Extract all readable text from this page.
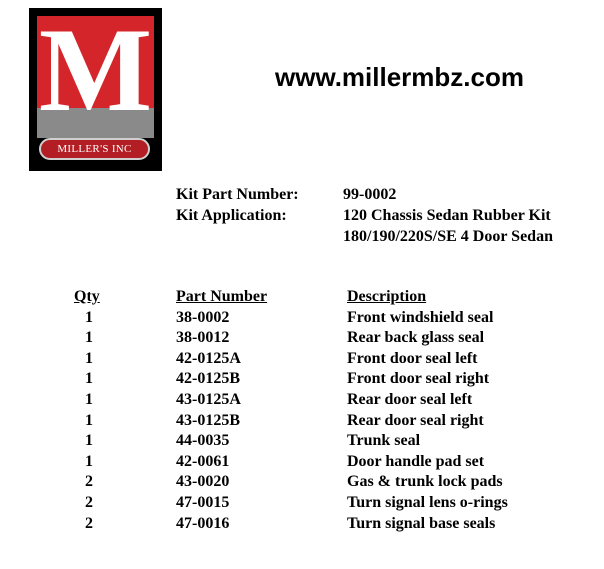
M
MILLER'S INC
www.millermbz.com
Kit Part Number:	99-0002
Kit Application:	120 Chassis Sedan Rubber Kit
180/190/220S/SE 4 Door Sedan
Qty	Part Number	Description
1	38-0002	Front windshield seal
1	38-0012	Rear back glass seal
1	42-0125A	Front door seal left
1	42-0125B	Front door seal right
1	43-0125A	Rear door seal left
1	43-0125B	Rear door seal right
1	44-0035	Trunk seal
1	42-0061	Door handle pad set
2	43-0020	Gas & trunk lock pads
2	47-0015	Turn signal lens o-rings
2	47-0016	Turn signal base seals
